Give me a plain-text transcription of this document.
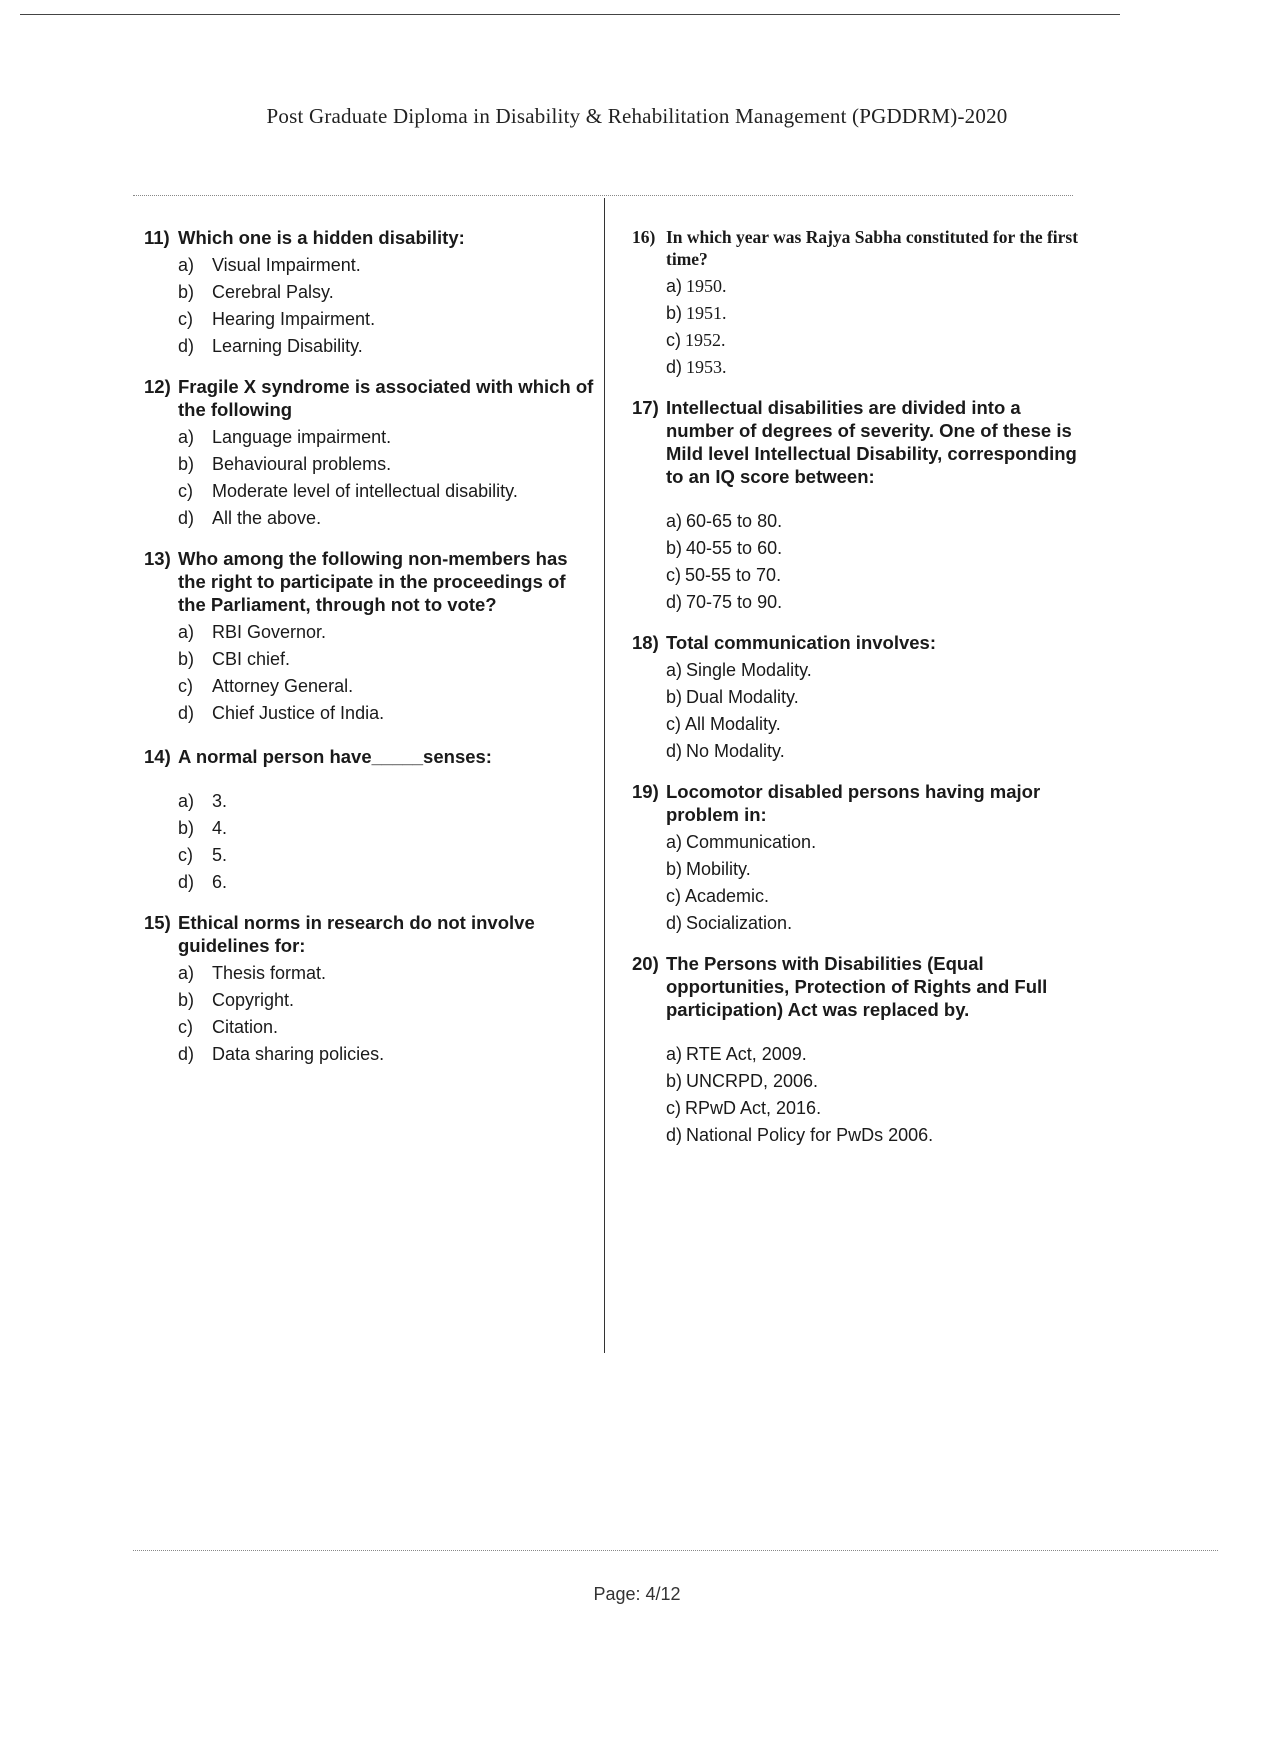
Post Graduate Diploma in Disability & Rehabilitation Management (PGDDRM)-2020
11) Which one is a hidden disability:
a) Visual Impairment.
b) Cerebral Palsy.
c)	Hearing Impairment.
d) Learning Disability.
12) Fragile X syndrome is associated with which of the following
a) Language impairment.
b) Behavioural problems.
c)	Moderate level of intellectual disability.
d) All the above.
13) Who among the following non-members has the right to participate in the proceedings of the Parliament, through not to vote?
a) RBI Governor.
b) CBI chief.
c)	Attorney General.
d) Chief Justice of India.
14) A normal person have_____senses:
a) 3.
b) 4.
c)	5.
d) 6.
15) Ethical norms in research do not involve guidelines for:
a) Thesis format.
b) Copyright.
c)	Citation.
d) Data sharing policies.
16) In which year was Rajya Sabha constituted for the first time?
a) 1950.
b) 1951.
c) 1952.
d) 1953.
17) Intellectual disabilities are divided into a number of degrees of severity. One of these is Mild level Intellectual Disability, corresponding to an IQ score between:
a) 60-65 to 80.
b) 40-55 to 60.
c) 50-55 to 70.
d) 70-75 to 90.
18) Total communication involves:
a) Single Modality.
b) Dual Modality.
c) All Modality.
d) No Modality.
19) Locomotor disabled persons having major problem in:
a) Communication.
b) Mobility.
c) Academic.
d) Socialization.
20) The Persons with Disabilities (Equal opportunities, Protection of Rights and Full participation) Act was replaced by.
a) RTE Act, 2009.
b) UNCRPD, 2006.
c) RPwD Act, 2016.
d) National Policy for PwDs 2006.
Page: 4/12
